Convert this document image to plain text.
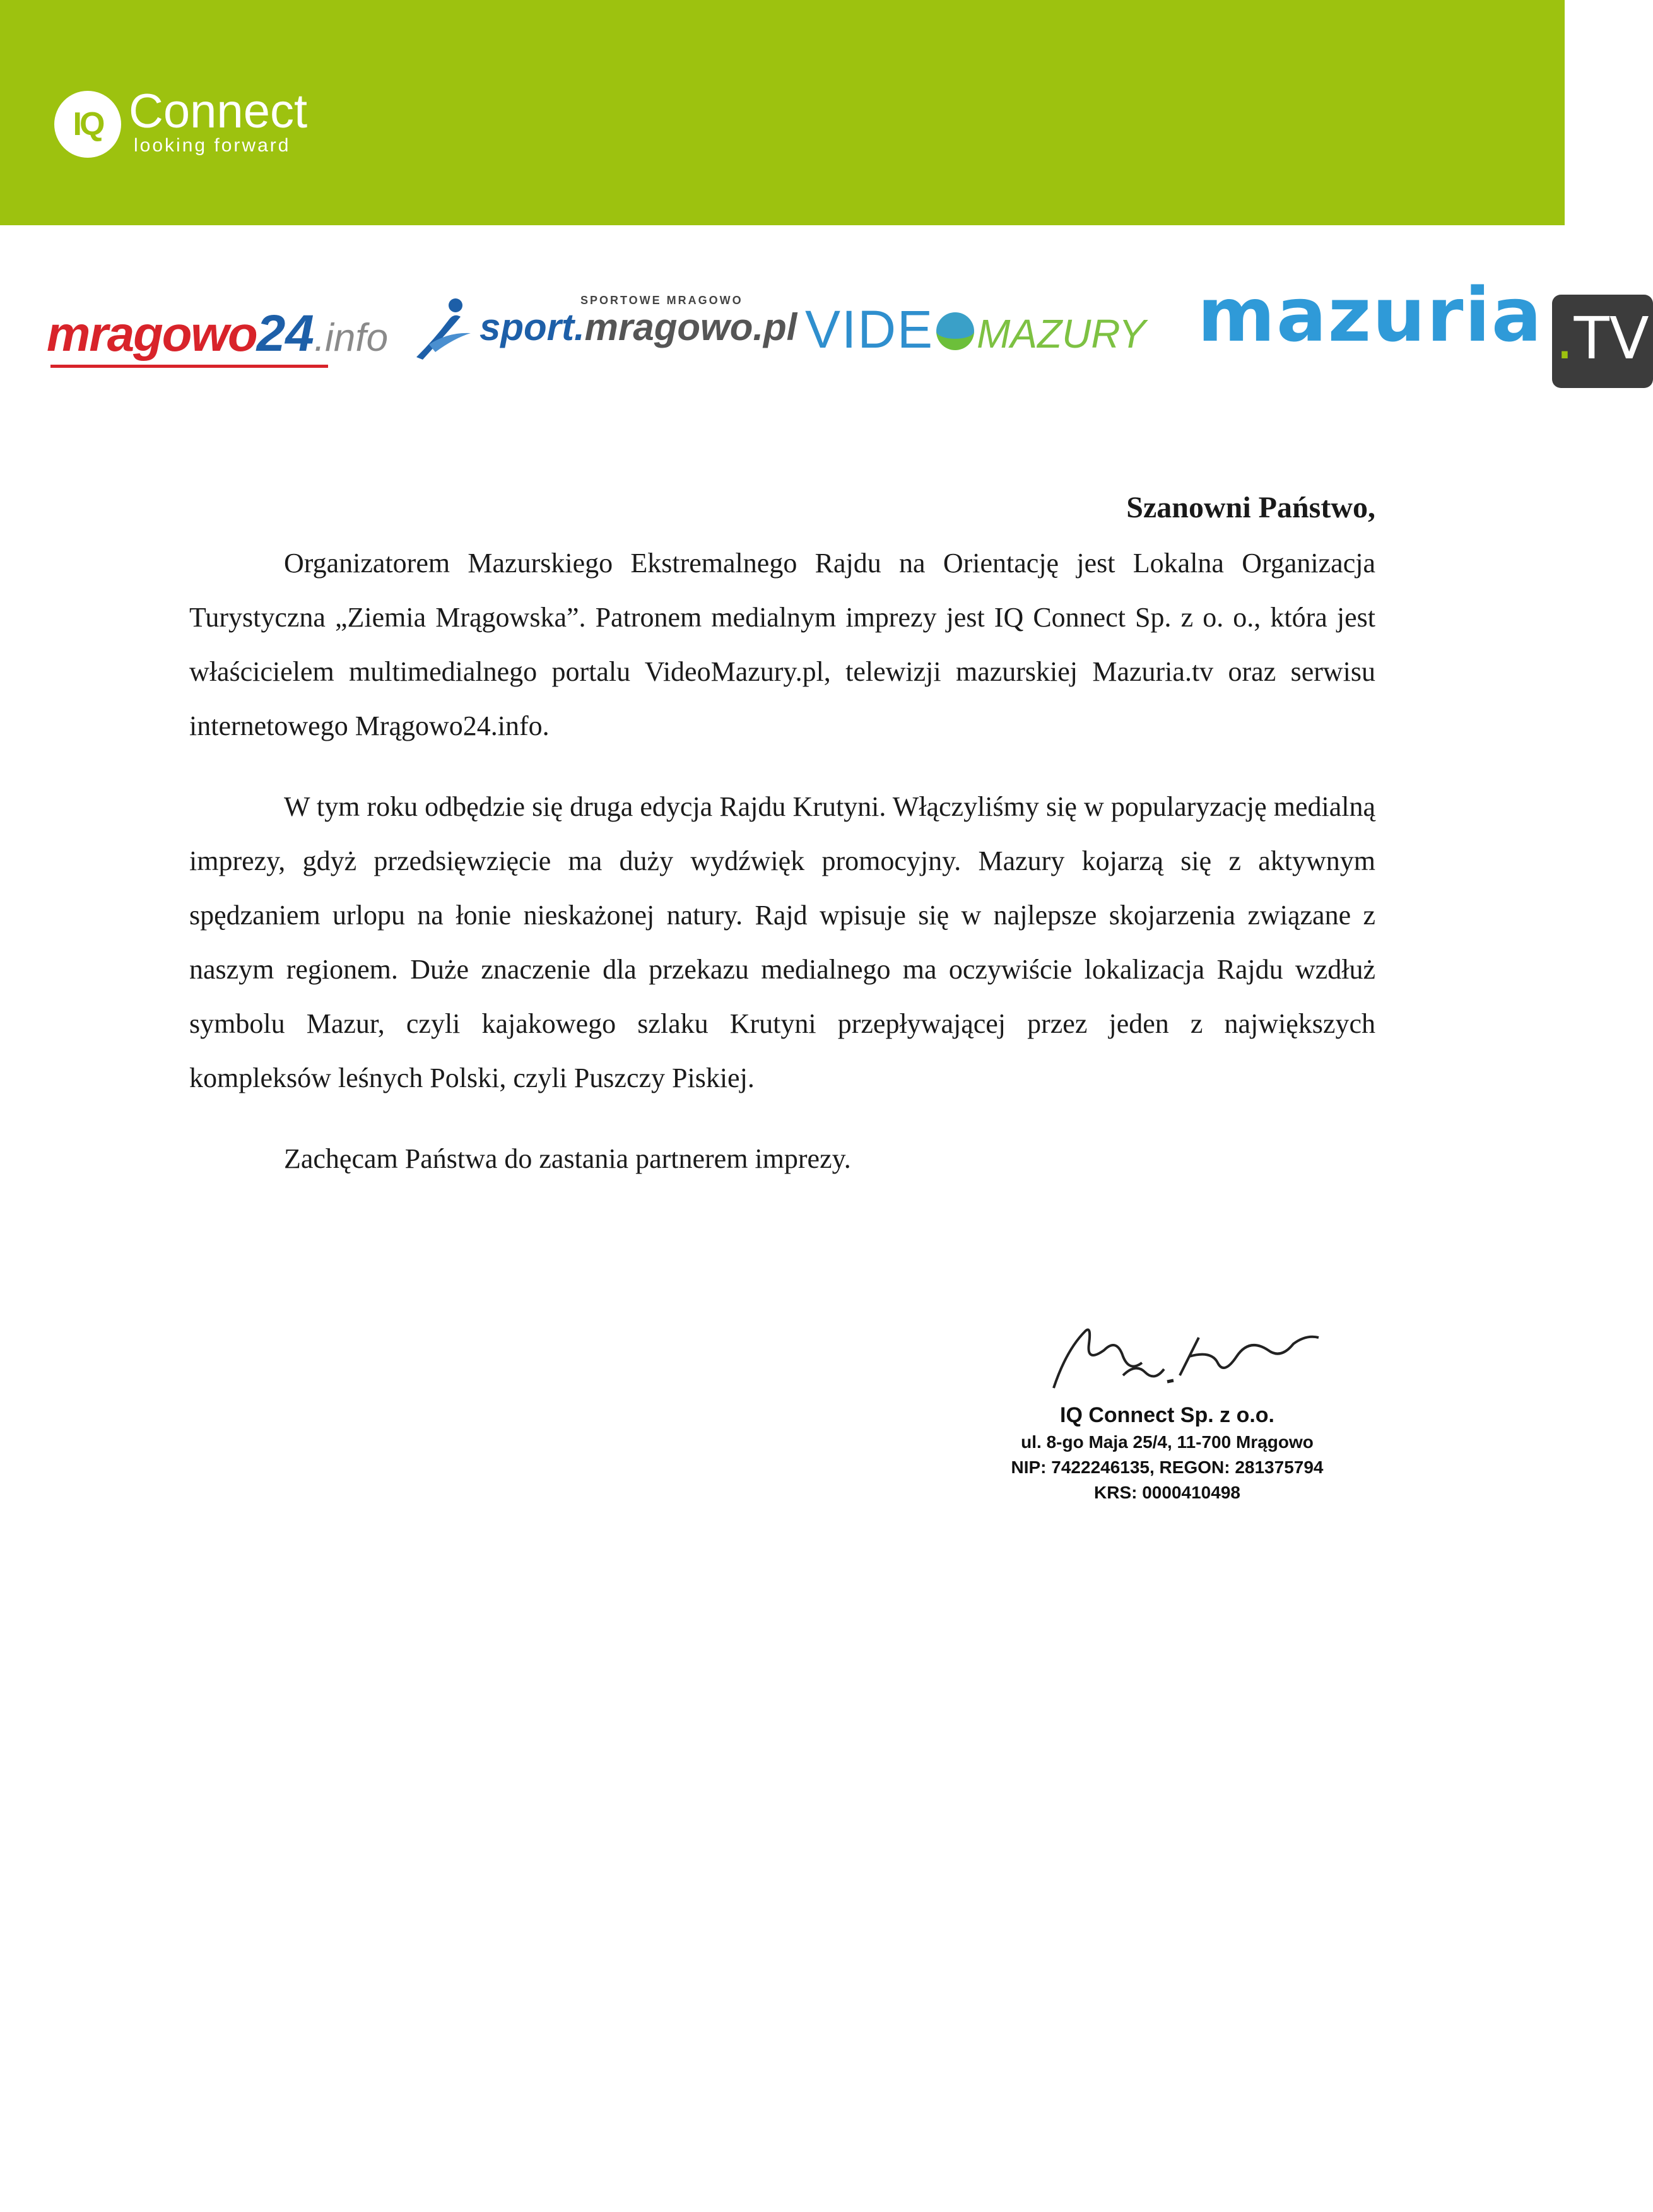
IQ Connect
looking forward
mragowo24.info
SPORTOWE MRAGOWO
sport.mragowo.pl VIDE MAZURY mazuria .TV

Szanowni Państwo,

Organizatorem Mazurskiego Ekstremalnego Rajdu na Orientację jest Lokalna Organizacja Turystyczna „Ziemia Mrągowska”. Patronem medialnym imprezy jest IQ Connect Sp. z o. o., która jest właścicielem multimedialnego portalu VideoMazury.pl, telewizji mazurskiej Mazuria.tv oraz serwisu internetowego Mrągowo24.info.

W tym roku odbędzie się druga edycja Rajdu Krutyni. Włączyliśmy się w popularyzację medialną imprezy, gdyż przedsięwzięcie ma duży wydźwięk promocyjny. Mazury kojarzą się z aktywnym spędzaniem urlopu na łonie nieskażonej natury. Rajd wpisuje się w najlepsze skojarzenia związane z naszym regionem. Duże znaczenie dla przekazu medialnego ma oczywiście lokalizacja Rajdu wzdłuż symbolu Mazur, czyli kajakowego szlaku Krutyni przepływającej przez jeden z największych kompleksów leśnych Polski, czyli Puszczy Piskiej.

Zachęcam Państwa do zastania partnerem imprezy.

IQ Connect Sp. z o.o.
ul. 8-go Maja 25/4, 11-700 Mrągowo
NIP: 7422246135, REGON: 281375794
KRS: 0000410498
